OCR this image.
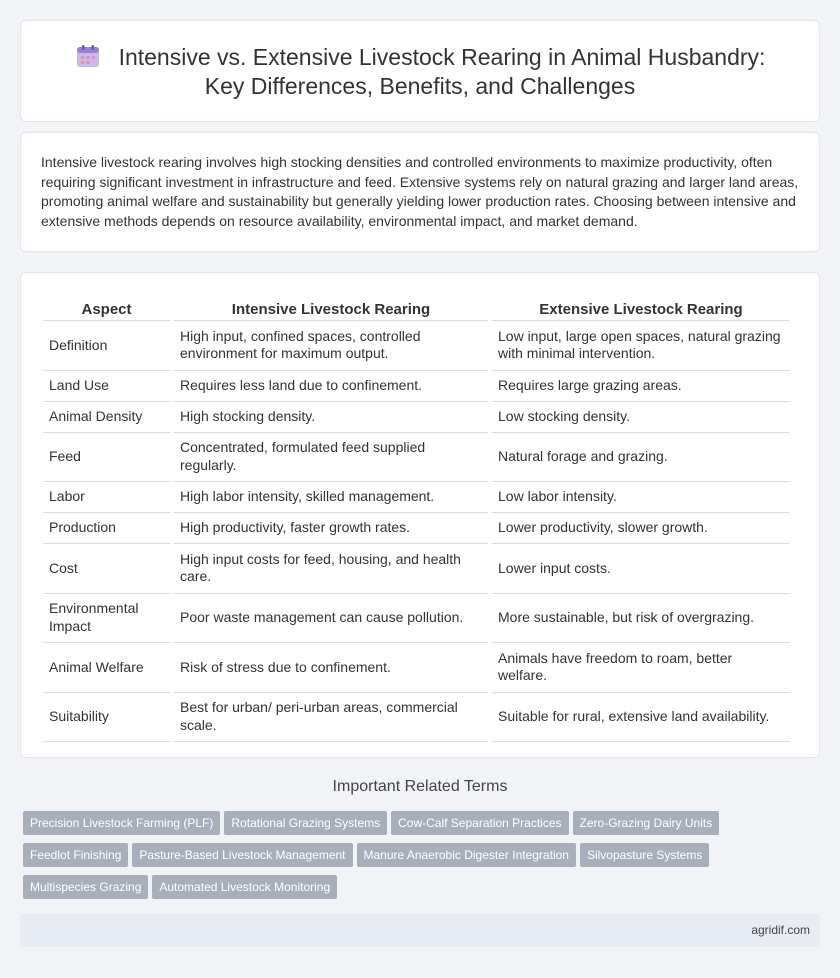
Intensive vs. Extensive Livestock Rearing in Animal Husbandry:
Key Differences, Benefits, and Challenges

Intensive livestock rearing involves high stocking densities and controlled environments to maximize productivity, often requiring significant investment in infrastructure and feed. Extensive systems rely on natural grazing and larger land areas, promoting animal welfare and sustainability but generally yielding lower production rates. Choosing between intensive and extensive methods depends on resource availability, environmental impact, and market demand.

Aspect	Intensive Livestock Rearing	Extensive Livestock Rearing
Definition	High input, confined spaces, controlled environment for maximum output.	Low input, large open spaces, natural grazing with minimal intervention.
Land Use	Requires less land due to confinement.	Requires large grazing areas.
Animal Density	High stocking density.	Low stocking density.
Feed	Concentrated, formulated feed supplied regularly.	Natural forage and grazing.
Labor	High labor intensity, skilled management.	Low labor intensity.
Production	High productivity, faster growth rates.	Lower productivity, slower growth.
Cost	High input costs for feed, housing, and health care.	Lower input costs.
Environmental Impact	Poor waste management can cause pollution.	More sustainable, but risk of overgrazing.
Animal Welfare	Risk of stress due to confinement.	Animals have freedom to roam, better welfare.
Suitability	Best for urban/ peri-urban areas, commercial scale.	Suitable for rural, extensive land availability.
Important Related Terms
Precision Livestock Farming (PLF) Rotational Grazing Systems Cow-Calf Separation Practices Zero-Grazing Dairy Units
Feedlot Finishing Pasture-Based Livestock Management Manure Anaerobic Digester Integration Silvopasture Systems
Multispecies Grazing Automated Livestock Monitoring
agridif.com
